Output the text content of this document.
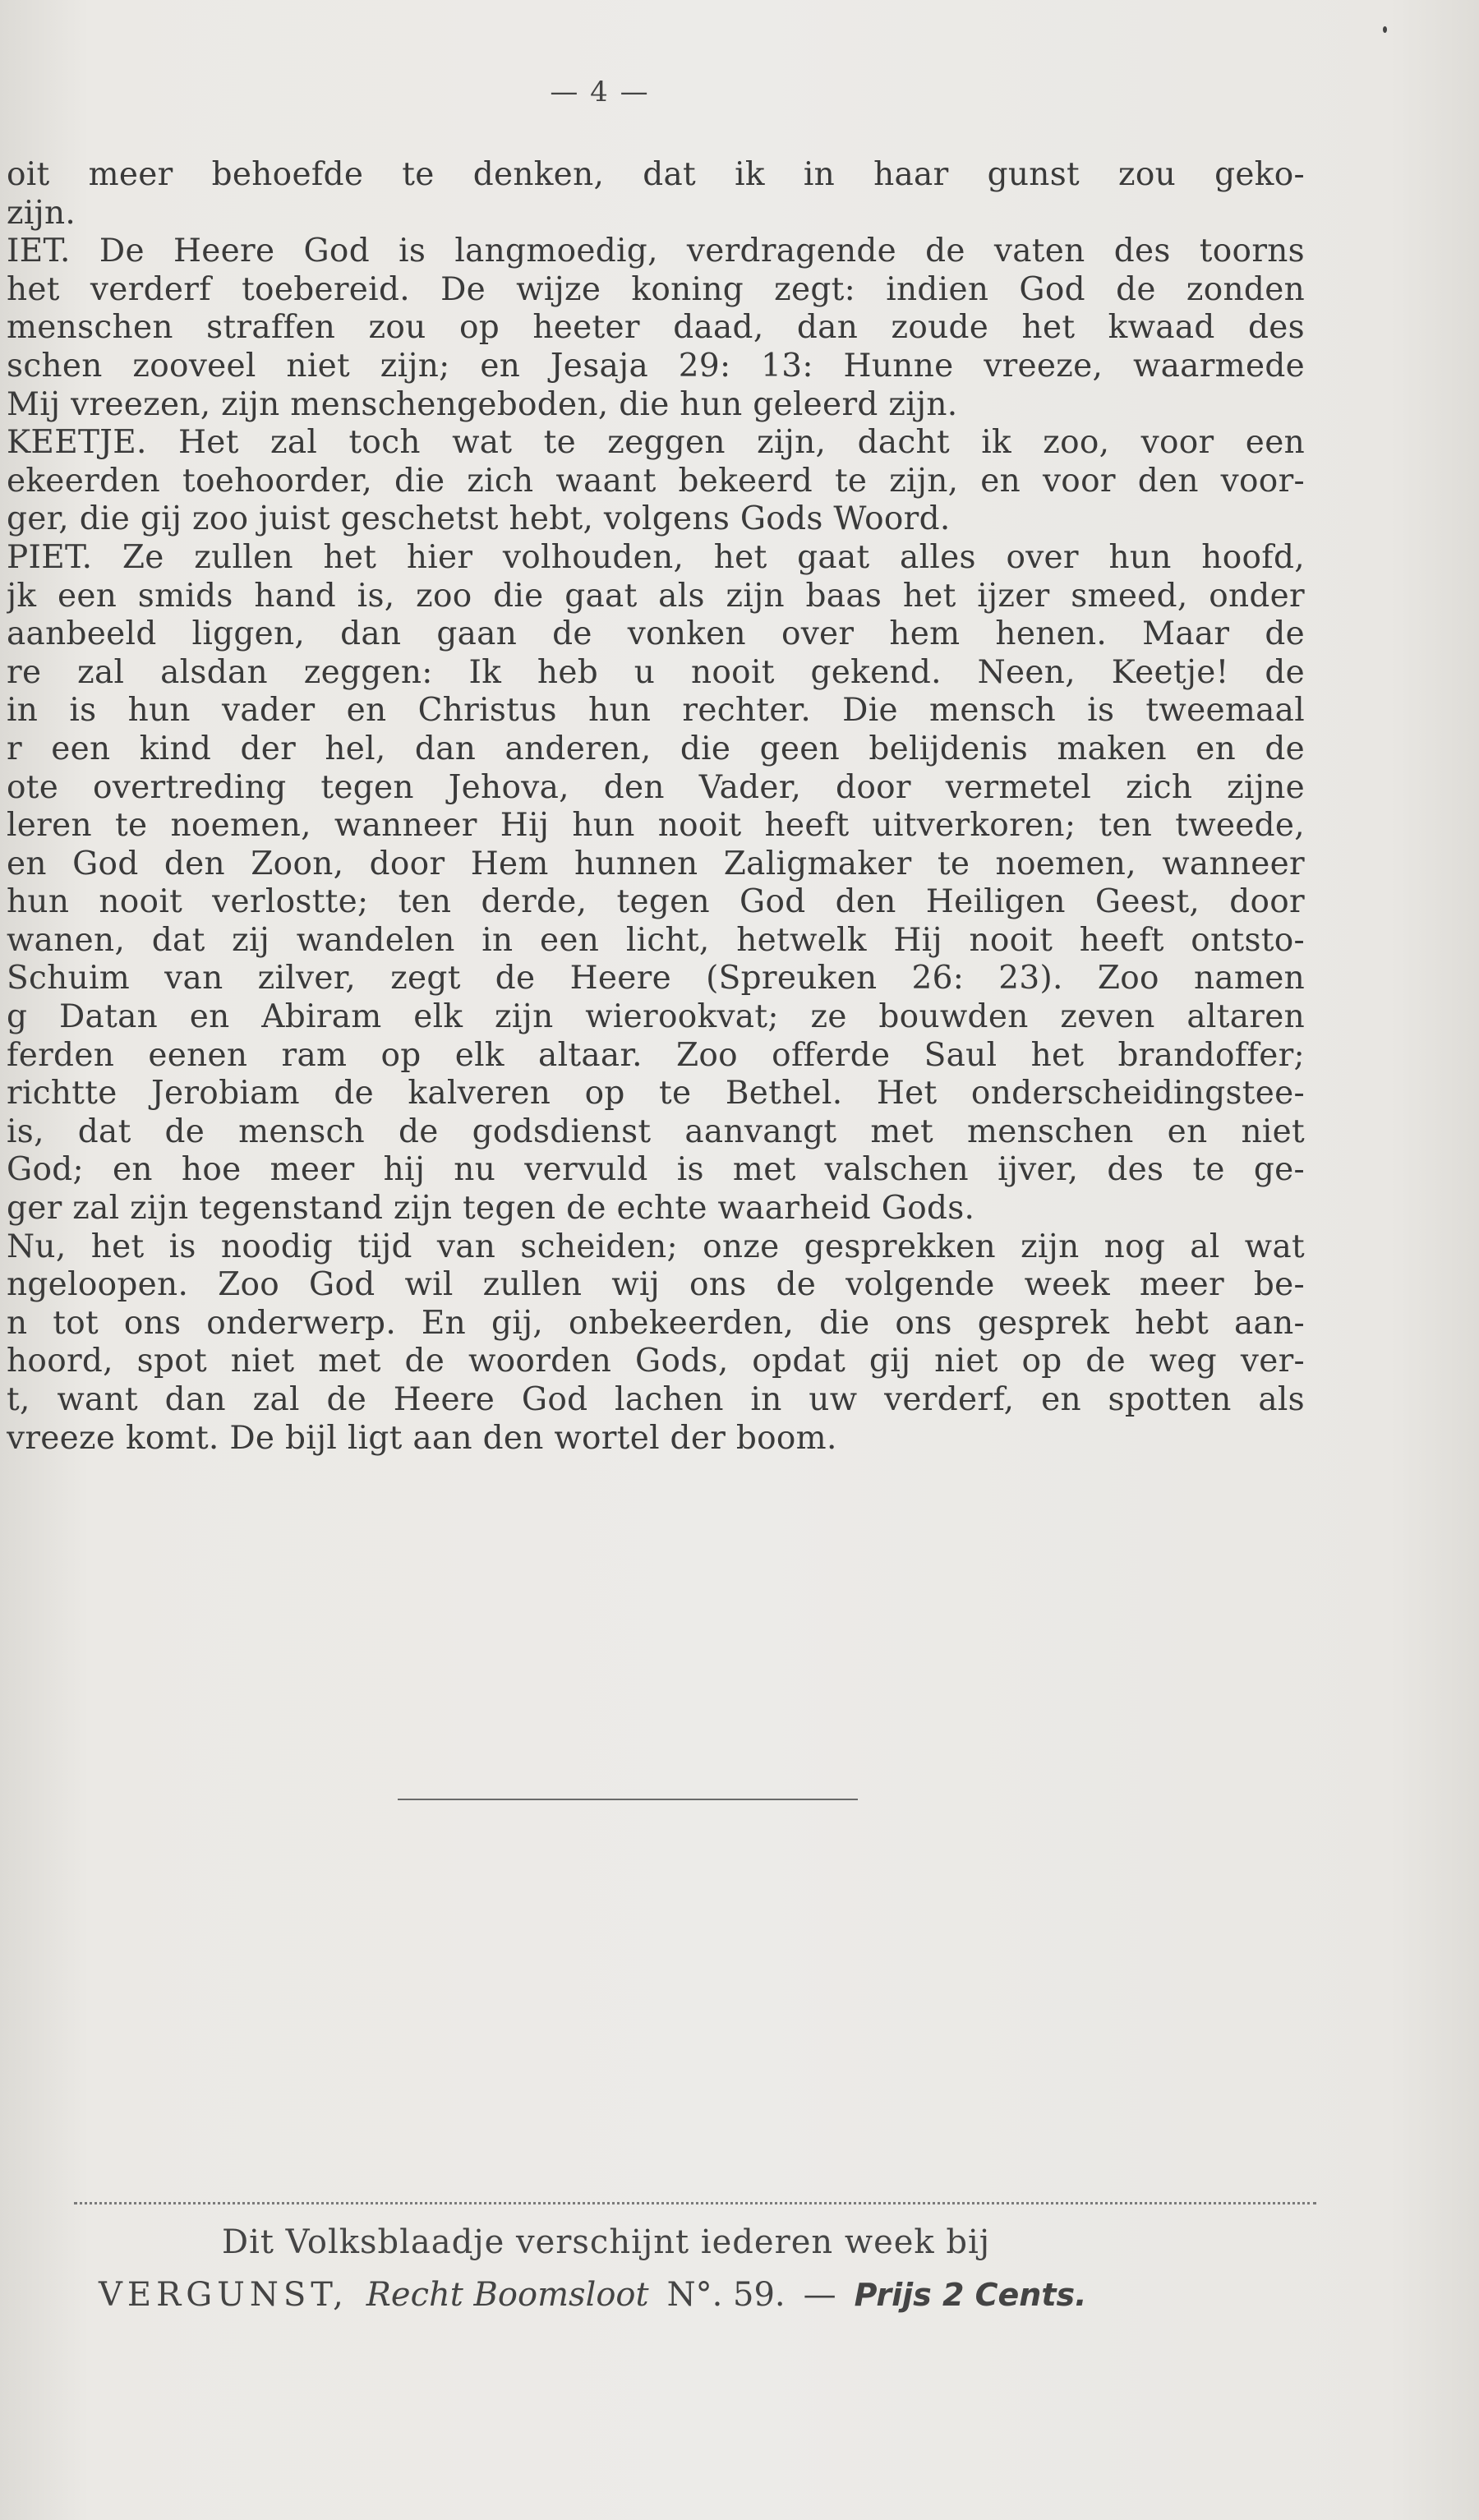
— 4 —
oit meer behoefde te denken, dat ik in haar gunst zou geko-
zijn.
IET. De Heere God is langmoedig, verdragende de vaten des toorns
het verderf toebereid. De wijze koning zegt: indien God de zonden
menschen straffen zou op heeter daad, dan zoude het kwaad des
schen zooveel niet zijn; en Jesaja 29: 13: Hunne vreeze, waarmede
Mij vreezen, zijn menschengeboden, die hun geleerd zijn.
KEETJE. Het zal toch wat te zeggen zijn, dacht ik zoo, voor een
ekeerden toehoorder, die zich waant bekeerd te zijn, en voor den voor-
ger, die gij zoo juist geschetst hebt, volgens Gods Woord.
PIET. Ze zullen het hier volhouden, het gaat alles over hun hoofd,
jk een smids hand is, zoo die gaat als zijn baas het ijzer smeed, onder
aanbeeld liggen, dan gaan de vonken over hem henen. Maar de
re zal alsdan zeggen: Ik heb u nooit gekend. Neen, Keetje! de
in is hun vader en Christus hun rechter. Die mensch is tweemaal
r een kind der hel, dan anderen, die geen belijdenis maken en de
ote overtreding tegen Jehova, den Vader, door vermetel zich zijne
leren te noemen, wanneer Hij hun nooit heeft uitverkoren; ten tweede,
en God den Zoon, door Hem hunnen Zaligmaker te noemen, wanneer
hun nooit verlostte; ten derde, tegen God den Heiligen Geest, door
wanen, dat zij wandelen in een licht, hetwelk Hij nooit heeft ontsto-
Schuim van zilver, zegt de Heere (Spreuken 26: 23). Zoo namen
g Datan en Abiram elk zijn wierookvat; ze bouwden zeven altaren
ferden eenen ram op elk altaar. Zoo offerde Saul het brandoffer;
richtte Jerobiam de kalveren op te Bethel. Het onderscheidingstee-
is, dat de mensch de godsdienst aanvangt met menschen en niet
God; en hoe meer hij nu vervuld is met valschen ijver, des te ge-
ger zal zijn tegenstand zijn tegen de echte waarheid Gods.
Nu, het is noodig tijd van scheiden; onze gesprekken zijn nog al wat
ngeloopen. Zoo God wil zullen wij ons de volgende week meer be-
n tot ons onderwerp. En gij, onbekeerden, die ons gesprek hebt aan-
hoord, spot niet met de woorden Gods, opdat gij niet op de weg ver-
t, want dan zal de Heere God lachen in uw verderf, en spotten als
vreeze komt. De bijl ligt aan den wortel der boom.
Dit Volksblaadje verschijnt iederen week bij
VERGUNST, Recht Boomsloot N°. 59. — Prijs 2 Cents.
